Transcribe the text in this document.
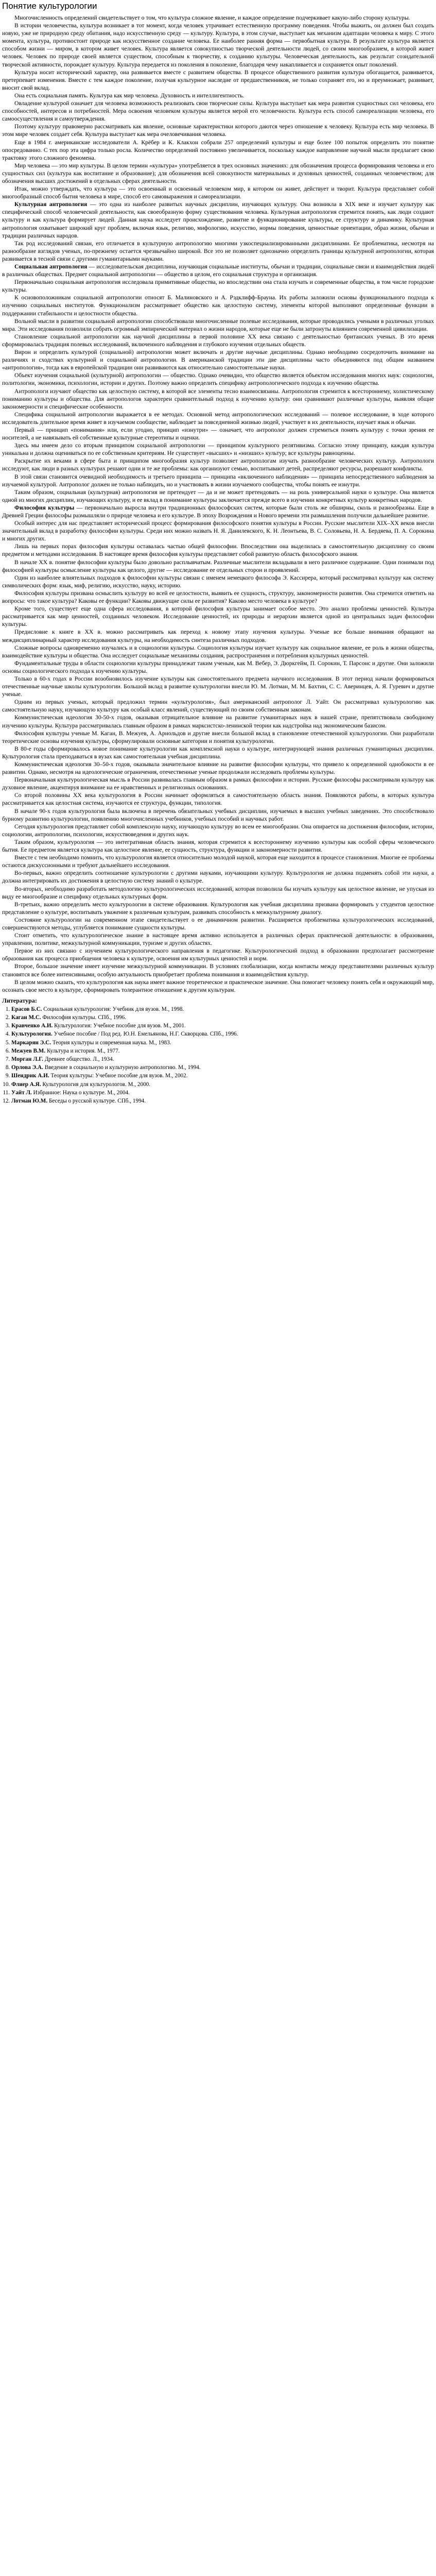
Понятие культурологии

Многочисленность определений свидетельствует о том, что культура сложное явление, и каждое определение подчеркивает какую-либо сторону культуры.

В истории человечества, культура возникает в тот момент, когда человек утрачивает естественную программу поведения. Чтобы выжить, он должен был создать новую, уже не природную среду обитания, надо искусственную среду — культуру. Культура, в этом случае, выступает как механизм адаптации человека к миру. С этого момента, культура, противостоит природе как искусственное создание человека. Ее наиболее ранняя форма — первобытная культура. В результате культура является способом жизни — миром, в котором живет человек. Культура является совокупностью творческой деятельности людей, со своим многообразием, в которой живет человек. Человек по природе своей является существом, способным к творчеству, к созданию культуры. Человеческая деятельность, как результат созидательной творческой активности, порождает культуру. Культура передается из поколения в поколение, благодаря чему накапливается и сохраняется опыт поколений.

Культура носит исторический характер, она развивается вместе с развитием общества. В процессе общественного развития культура обогащается, развивается, претерпевает изменения. Вместе с тем каждое поколение, получая культурное наследие от предшественников, не только сохраняет его, но и преумножает, развивает, вносит свой вклад.

Она есть социальная память. Культура как мир человека. Духовность и интеллигентность.

Овладение культурой означает для человека возможность реализовать свои творческие силы. Культура выступает как мера развития сущностных сил человека, его способностей, интересов и потребностей. Мера освоения человеком культуры является мерой его человечности. Культура есть способ самореализации человека, его самоосуществления и самоутверждения.

Поэтому культуру правомерно рассматривать как явление, основные характеристики которого даются через отношение к человеку. Культура есть мир человека. В этом мире человек создает себя. Культура выступает как мера очеловечивания человека.

Еще в 1984 г. американские исследователи А. Крёбер и К. Клакхон собрали 257 определений культуры и еще более 100 попыток определить это понятие опосредованно. С тех пор эта цифра только росла. Количество определений постоянно увеличивается, поскольку каждое направление научной мысли предлагает свою трактовку этого сложного феномена.

Мир человека — это мир культуры. В целом термин «культура» употребляется в трех основных значениях: для обозначения процесса формирования человека и его сущностных сил (культура как воспитание и образование); для обозначения всей совокупности материальных и духовных ценностей, созданных человечеством; для обозначения высших достижений в отдельных сферах деятельности.

Итак, можно утверждать, что культура — это освоенный и освоенный человеком мир, в котором он живет, действует и творит. Культура представляет собой многообразный способ бытия человека в мире, способ его самовыражения и самореализации.

Культурная антропология — это одна из наиболее развитых научных дисциплин, изучающих культуру. Она возникла в XIX веке и изучает культуру как специфический способ человеческой деятельности, как своеобразную форму существования человека. Культурная антропология стремится понять, как люди создают культуру и как культура формирует людей. Данная наука исследует происхождение, развитие и функционирование культуры, ее структуру и динамику. Культурная антропология охватывает широкий круг проблем, включая язык, религию, мифологию, искусство, нормы поведения, ценностные ориентации, образ жизни, обычаи и традиции различных народов.

Так род исследований связан, его отличается в культурную антропологию многими узкоспециализированными дисциплинами. Ее проблематика, несмотря на разнообразие взглядов ученых, по-прежнему остается чрезвычайно широкой. Все это не позволяет однозначно определить границы культурной антропологии, которая развивается в тесной связи с другими гуманитарными науками.

Социальная антропология — исследовательская дисциплина, изучающая социальные институты, обычаи и традиции, социальные связи и взаимодействия людей в различных обществах. Предмет социальной антропологии — общество в целом, его социальная структура и организация.

Первоначально социальная антропология исследовала примитивные общества, но впоследствии она стала изучать и современные общества, в том числе городские культуры.

К основоположникам социальной антропологии относят Б. Малиновского и А. Рэдклифф-Брауна. Их работы заложили основы функционального подхода к изучению социальных институтов. Функционализм рассматривает общество как целостную систему, элементы которой выполняют определенные функции в поддержании стабильности и целостности общества.

Вольной мысли в развитии социальной антропологии способствовали многочисленные полевые исследования, которые проводились учеными в различных уголках мира. Эти исследования позволили собрать огромный эмпирический материал о жизни народов, которые еще не были затронуты влиянием современной цивилизации.

Становление социальной антропологии как научной дисциплины в первой половине XX века связано с деятельностью британских ученых. В это время сформировалась традиция полевых исследований, включенного наблюдения и глубокого изучения отдельных обществ.

Вирон и определить культурой (социальной) антропологии может включать и другие научные дисциплины. Однако необходимо сосредоточить внимание на различиях и сходствах культурной и социальной антропологии. В американской традиции эти две дисциплины часто объединяются под общим названием «антропология», тогда как в европейской традиции они развиваются как относительно самостоятельные науки.

Объект изучения социальной (культурной) антропологии — общество. Однако очевидно, что общество является объектом исследования многих наук: социологии, политологии, экономики, психологии, истории и других. Поэтому важно определить специфику антропологического подхода к изучению общества.

Антропологи изучают общество как целостную систему, в которой все элементы тесно взаимосвязаны. Антропология стремится к всестороннему, холистическому пониманию культуры и общества. Для антропологов характерен сравнительный подход к изучению культур: они сравнивают различные культуры, выявляя общие закономерности и специфические особенности.

Специфика социальной антропологии выражается в ее методах. Основной метод антропологических исследований — полевое исследование, в ходе которого исследователь длительное время живет в изучаемом сообществе, наблюдает за повседневной жизнью людей, участвует в их деятельности, изучает язык и обычаи.

Первый — принцип «понимания» или, если угодно, принцип «изнутри» — означает, что антрополог должен стремиться понять культуру с точки зрения ее носителей, а не навязывать ей собственные культурные стереотипы и оценки.

Здесь мы имеем дело со вторым принципом социальной антропологии — принципом культурного релятивизма. Согласно этому принципу, каждая культура уникальна и должна оцениваться по ее собственным критериям. Не существует «высших» и «низших» культур; все культуры равноценны.

Раскрытие их веками в сфере быта и принципом многообразия культур позволяет антропологам изучать разнообразие человеческих культур. Антропологи исследуют, как люди в разных культурах решают одни и те же проблемы: как организуют семью, воспитывают детей, распределяют ресурсы, разрешают конфликты.

В этой связи становится очевидной необходимость и третьего принципа — принципа «включенного наблюдения» — принципа непосредственного наблюдения за изучаемой культурой. Антрополог должен не только наблюдать, но и участвовать в жизни изучаемого сообщества, чтобы понять ее изнутри.

Таким образом, социальная (культурная) антропология не претендует — да и не может претендовать — на роль универсальной науки о культуре. Она является одной из многих дисциплин, изучающих культуру, и ее вклад в понимание культуры заключается прежде всего в изучении конкретных культур конкретных народов.

Философия культуры — первоначально выросла внутри традиционных философских систем, которые были столь же обширны, сколь и разнообразны. Еще в Древней Греции философы размышляли о природе человека и его культуре. В эпоху Возрождения и Нового времени эти размышления получили дальнейшее развитие.

Особый интерес для нас представляет исторический процесс формирования философского понятия культуры в России. Русские мыслители XIX–XX веков внесли значительный вклад в разработку философии культуры. Среди них можно назвать Н. Я. Данилевского, К. Н. Леонтьева, В. С. Соловьева, Н. А. Бердяева, П. А. Сорокина и многих других.

Лишь на первых порах философия культуры оставалась частью общей философии. Впоследствии она выделилась в самостоятельную дисциплину со своим предметом и методами исследования. В настоящее время философия культуры представляет собой развитую область философского знания.

В начале XX в. понятие философии культуры было довольно расплывчатым. Различные мыслители вкладывали в него различное содержание. Одни понимали под философией культуры осмысление культуры как целого, другие — исследование ее отдельных сторон и проявлений.

Один из наиболее влиятельных подходов к философии культуры связан с именем немецкого философа Э. Кассирера, который рассматривал культуру как систему символических форм: язык, миф, религию, искусство, науку, историю.

Философия культуры призвана осмыслить культуру во всей ее целостности, выявить ее сущность, структуру, закономерности развития. Она стремится ответить на вопросы: что такое культура? Каковы ее функции? Каковы движущие силы ее развития? Каково место человека в культуре?

Кроме того, существует еще одна сфера исследования, в которой философия культуры занимает особое место. Это анализ проблемы ценностей. Культура рассматривается как мир ценностей, созданных человеком. Исследование ценностей, их природы и иерархии является одной из центральных задач философии культуры.

Предисловие к книге в XX в. можно рассматривать как переход к новому этапу изучения культуры. Ученые все больше внимания обращают на междисциплинарный характер исследования культуры, на необходимость синтеза различных подходов.

Сложные вопросы одновременно изучались и в социологии культуры. Социология культуры изучает культуру как социальное явление, ее роль в жизни общества, взаимодействие культуры и общества. Она исследует социальные механизмы создания, распространения и потребления культурных ценностей.

Фундаментальные труды в области социологии культуры принадлежат таким ученым, как М. Вебер, Э. Дюркгейм, П. Сорокин, Т. Парсонс и другие. Они заложили основы социологического подхода к изучению культуры.

Только в 60-х годах в России возобновилось изучение культуры как самостоятельного предмета научного исследования. В этот период начали формироваться отечественные научные школы культурологии. Большой вклад в развитие культурологии внесли Ю. М. Лотман, М. М. Бахтин, С. С. Аверинцев, А. Я. Гуревич и другие ученые.

Одним из первых ученых, который предложил термин «культурология», был американский антрополог Л. Уайт. Он рассматривал культурологию как самостоятельную науку, изучающую культуру как особый класс явлений, существующий по своим собственным законам.

Коммунистическая идеология 30-50-х годов, оказывая отрицательное влияние на развитие гуманитарных наук в нашей стране, препятствовала свободному изучению культуры. Культура рассматривалась главным образом в рамках марксистско-ленинской теории как надстройка над экономическим базисом.

Философия культуры ученые М. Каган, В. Межуев, А. Арнольдов и другие внесли большой вклад в становление отечественной культурологии. Они разработали теоретические основы изучения культуры, сформулировали основные категории и понятия культурологии.

В 80-е годы сформировалось новое понимание культурологии как комплексной науки о культуре, интегрирующей знания различных гуманитарных дисциплин. Культурология стала преподаваться в вузах как самостоятельная учебная дисциплина.

Коммунистическая идеология 30–50-х годов, оказывала значительное влияние на развитие философии культуры, что привело к определенной однобокости в ее развитии. Однако, несмотря на идеологические ограничения, отечественные ученые продолжали исследовать проблемы культуры.

Первоначальная культурологическая мысль в России развивалась главным образом в рамках философии и истории. Русские философы рассматривали культуру как духовное явление, акцентируя внимание на ее нравственных и религиозных основаниях.

Со второй половины XX века культурология в России начинает оформляться в самостоятельную область знания. Появляются работы, в которых культура рассматривается как целостная система, изучаются ее структура, функции, типология.

В начале 90-х годов культурология была включена в перечень обязательных учебных дисциплин, изучаемых в высших учебных заведениях. Это способствовало бурному развитию культурологии, появлению многочисленных учебников, учебных пособий и научных работ.

Сегодня культурология представляет собой комплексную науку, изучающую культуру во всем ее многообразии. Она опирается на достижения философии, истории, социологии, антропологии, психологии, искусствоведения и других наук.

Таким образом, культурология — это интегративная область знания, которая стремится к всестороннему изучению культуры как особой сферы человеческого бытия. Ее предметом является культура как целостное явление, ее сущность, структура, функции и закономерности развития.

Вместе с тем необходимо помнить, что культурология является относительно молодой наукой, которая еще находится в процессе становления. Многие ее проблемы остаются дискуссионными и требуют дальнейшего исследования.

Во-первых, важно определить соотношение культурологии с другими науками, изучающими культуру. Культурология не должна подменять собой эти науки, а должна интегрировать их достижения в целостную систему знаний о культуре.

Во-вторых, необходимо разработать методологию культурологических исследований, которая позволила бы изучать культуру как целостное явление, не упуская из виду ее многообразие и специфику отдельных культурных форм.

В-третьих, важно определить место культурологии в системе образования. Культурология как учебная дисциплина призвана формировать у студентов целостное представление о культуре, воспитывать уважение к различным культурам, развивать способность к межкультурному диалогу.

Состояние культурологии на современном этапе свидетельствует о ее динамичном развитии. Расширяется проблематика культурологических исследований, совершенствуются методы, углубляется понимание сущности культуры.

Стоит отметить, что культурологическое знание в настоящее время активно используется в различных сферах практической деятельности: в образовании, управлении, политике, межкультурной коммуникации, туризме и других областях.

Первое из них связано с изучением культурологического направления в педагогике. Культурологический подход в образовании предполагает рассмотрение образования как процесса приобщения человека к культуре, освоения им культурных ценностей и норм.

Второе, большое значение имеет изучение межкультурной коммуникации. В условиях глобализации, когда контакты между представителями различных культур становятся все более интенсивными, особую актуальность приобретает проблема понимания и взаимодействия культур.

В целом можно сказать, что культурология как наука имеет важное теоретическое и практическое значение. Она помогает человеку понять себя и окружающий мир, осознать свое место в культуре, сформировать толерантное отношение к другим культурам.

Литература:
1. Ерасов Б.С. Социальная культурология: Учебник для вузов. М., 1998.
2. Каган М.С. Философия культуры. СПб., 1996.
3. Кравченко А.И. Культурология: Учебное пособие для вузов. М., 2001.
4. Культурология. Учебное пособие / Под ред. Ю.Н. Емельянова, Н.Г. Скворцова. СПб., 1996.
5. Маркарян Э.С. Теория культуры и современная наука. М., 1983.
6. Межуев В.М. Культура и история. М., 1977.
7. Морган Л.Г. Древнее общество. Л., 1934.
8. Орлова Э.А. Введение в социальную и культурную антропологию. М., 1994.
9. Шендрик А.И. Теория культуры: Учебное пособие для вузов. М., 2002.
10. Флиер А.Я. Культурология для культурологов. М., 2000.
11. Уайт Л. Избранное: Наука о культуре. М., 2004.
12. Лотман Ю.М. Беседы о русской культуре. СПб., 1994.
